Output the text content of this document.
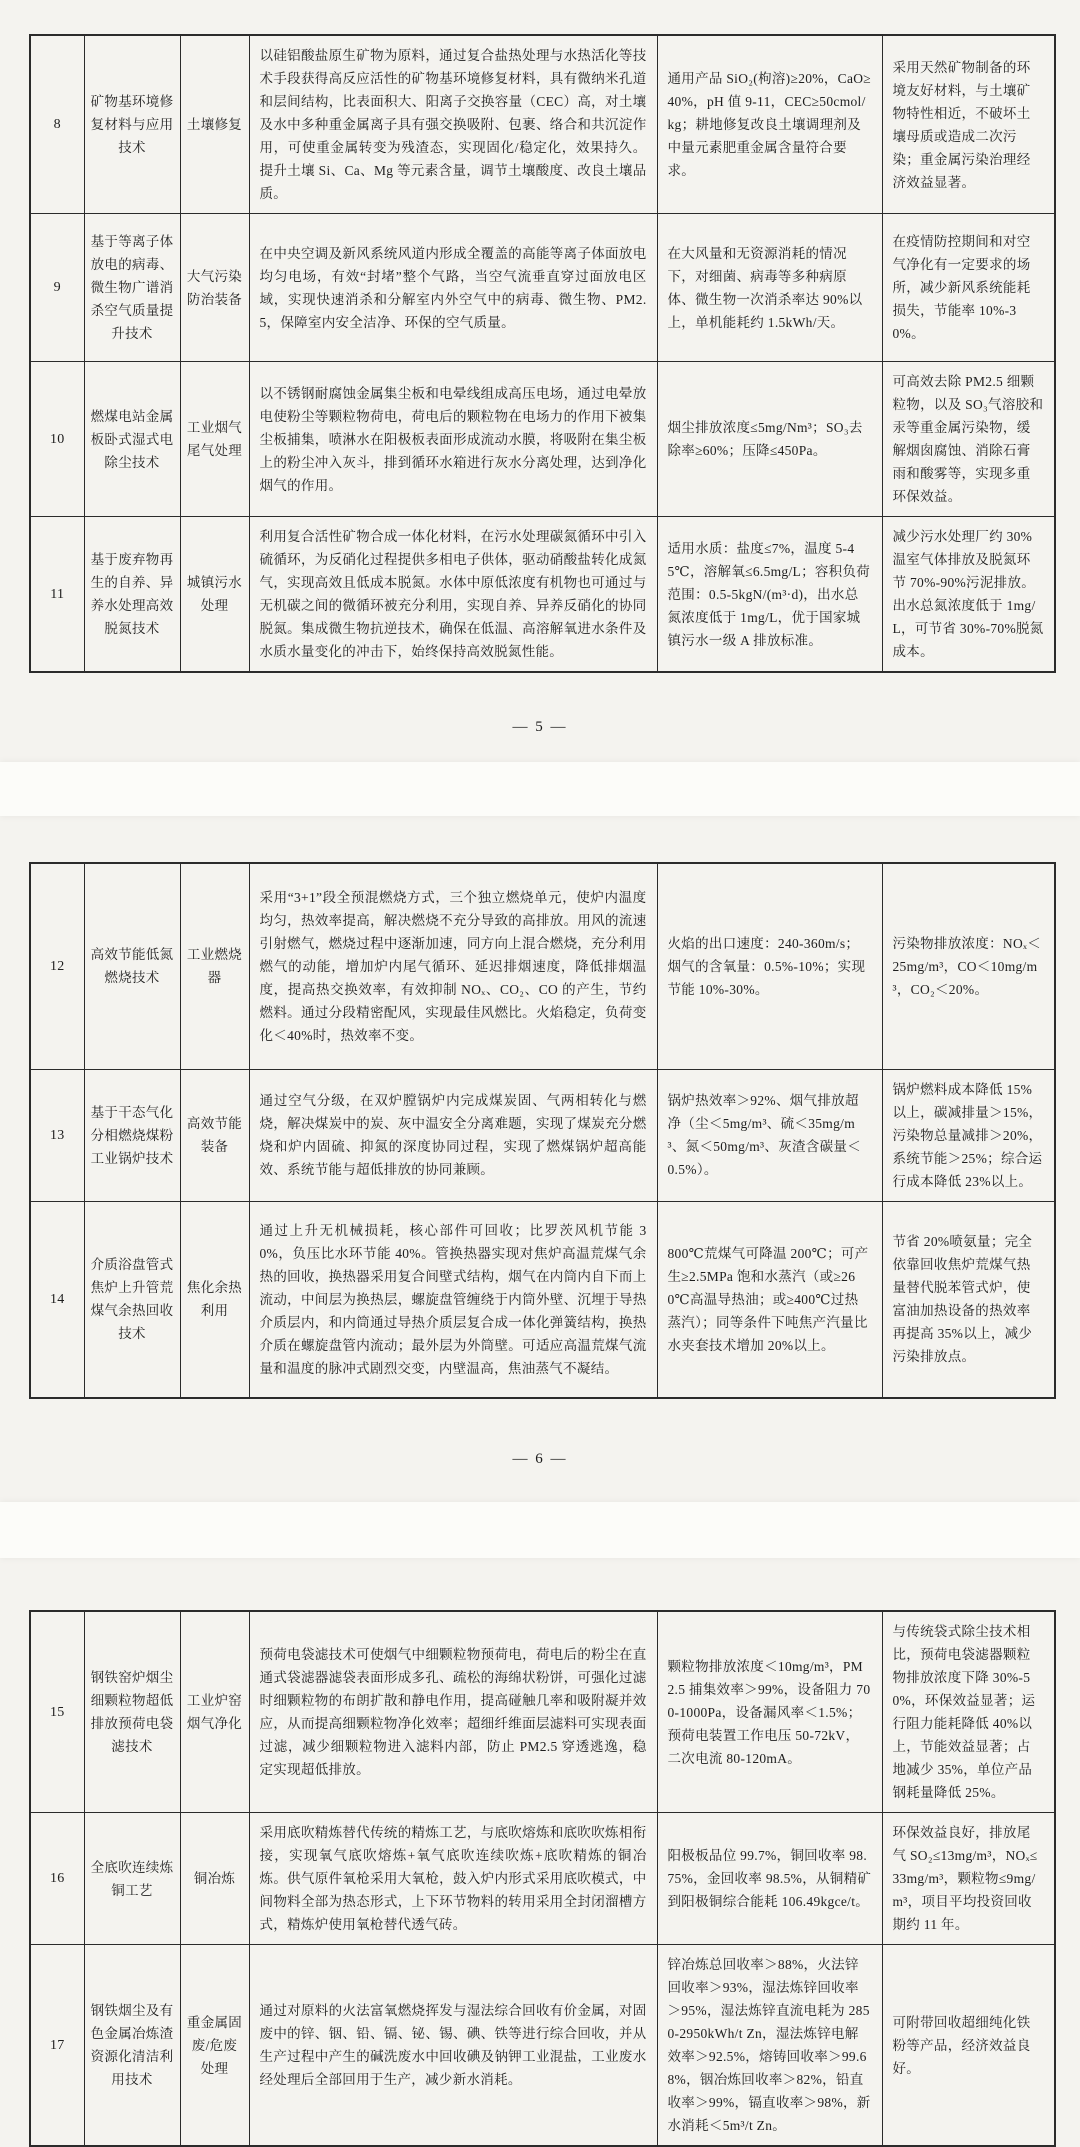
8	矿物基环境修复材料与应用技术	土壤修复	以硅铝酸盐原生矿物为原料，通过复合盐热处理与水热活化等技术手段获得高反应活性的矿物基环境修复材料，具有微纳米孔道和层间结构，比表面积大、阳离子交换容量（CEC）高，对土壤及水中多种重金属离子具有强交换吸附、包裹、络合和共沉淀作用，可使重金属转变为残渣态，实现固化/稳定化，效果持久。提升土壤 Si、Ca、Mg 等元素含量，调节土壤酸度、改良土壤品质。	通用产品 SiO₂(枸溶)≥20%，CaO≥40%，pH 值 9-11，CEC≥50cmol/kg；耕地修复改良土壤调理剂及中量元素肥重金属含量符合要求。	采用天然矿物制备的环境友好材料，与土壤矿物特性相近，不破坏土壤母质或造成二次污染；重金属污染治理经济效益显著。
9	基于等离子体放电的病毒、微生物广谱消杀空气质量提升技术	大气污染防治装备	在中央空调及新风系统风道内形成全覆盖的高能等离子体面放电均匀电场，有效“封堵”整个气路，当空气流垂直穿过面放电区域，实现快速消杀和分解室内外空气中的病毒、微生物、PM2.5，保障室内安全洁净、环保的空气质量。	在大风量和无资源消耗的情况下，对细菌、病毒等多种病原体、微生物一次消杀率达 90%以上，单机能耗约 1.5kWh/天。	在疫情防控期间和对空气净化有一定要求的场所，减少新风系统能耗损失，节能率 10%-30%。
10	燃煤电站金属板卧式湿式电除尘技术	工业烟气尾气处理	以不锈钢耐腐蚀金属集尘板和电晕线组成高压电场，通过电晕放电使粉尘等颗粒物荷电，荷电后的颗粒物在电场力的作用下被集尘板捕集，喷淋水在阳极板表面形成流动水膜，将吸附在集尘板上的粉尘冲入灰斗，排到循环水箱进行灰水分离处理，达到净化烟气的作用。	烟尘排放浓度≤5mg/Nm³；SO₃去除率≥60%；压降≤450Pa。	可高效去除 PM2.5 细颗粒物，以及 SO₃气溶胶和汞等重金属污染物，缓解烟囱腐蚀、消除石膏雨和酸雾等，实现多重环保效益。
11	基于废弃物再生的自养、异养水处理高效脱氮技术	城镇污水处理	利用复合活性矿物合成一体化材料，在污水处理碳氮循环中引入硫循环，为反硝化过程提供多相电子供体，驱动硝酸盐转化成氮气，实现高效且低成本脱氮。水体中原低浓度有机物也可通过与无机碳之间的微循环被充分利用，实现自养、异养反硝化的协同脱氮。集成微生物抗逆技术，确保在低温、高溶解氧进水条件及水质水量变化的冲击下，始终保持高效脱氮性能。	适用水质：盐度≤7%，温度 5-45℃，溶解氧≤6.5mg/L；容积负荷范围：0.5-5kgN/(m³·d)，出水总氮浓度低于 1mg/L，优于国家城镇污水一级 A 排放标准。	减少污水处理厂约 30%温室气体排放及脱氮环节 70%-90%污泥排放。出水总氮浓度低于 1mg/L，可节省 30%-70%脱氮成本。
— 5 —
12	高效节能低氮燃烧技术	工业燃烧器	采用“3+1”段全预混燃烧方式，三个独立燃烧单元，使炉内温度均匀，热效率提高，解决燃烧不充分导致的高排放。用风的流速引射燃气，燃烧过程中逐渐加速，同方向上混合燃烧，充分利用燃气的动能，增加炉内尾气循环、延迟排烟速度，降低排烟温度，提高热交换效率，有效抑制 NOₓ、CO₂、CO 的产生，节约燃料。通过分段精密配风，实现最佳风燃比。火焰稳定，负荷变化＜40%时，热效率不变。	火焰的出口速度：240-360m/s；烟气的含氧量：0.5%-10%；实现节能 10%-30%。	污染物排放浓度：NOₓ＜25mg/m³，CO＜10mg/m³，CO₂＜20%。
13	基于干态气化分相燃烧煤粉工业锅炉技术	高效节能装备	通过空气分级，在双炉膛锅炉内完成煤炭固、气两相转化与燃烧，解决煤炭中的炭、灰中温安全分离难题，实现了煤炭充分燃烧和炉内固硫、抑氮的深度协同过程，实现了燃煤锅炉超高能效、系统节能与超低排放的协同兼顾。	锅炉热效率＞92%、烟气排放超净（尘＜5mg/m³、硫＜35mg/m³、氮＜50mg/m³、灰渣含碳量＜0.5%）。	锅炉燃料成本降低 15%以上，碳减排量＞15%，污染物总量减排＞20%，系统节能＞25%；综合运行成本降低 23%以上。
14	介质浴盘管式焦炉上升管荒煤气余热回收技术	焦化余热利用	通过上升无机械损耗，核心部件可回收；比罗茨风机节能 30%，负压比水环节能 40%。管换热器实现对焦炉高温荒煤气余热的回收，换热器采用复合间壁式结构，烟气在内筒内自下而上流动，中间层为换热层，螺旋盘管缠绕于内筒外壁、沉埋于导热介质层内，和内筒通过导热介质层复合成一体化弹簧结构，换热介质在螺旋盘管内流动；最外层为外筒壁。可适应高温荒煤气流量和温度的脉冲式剧烈交变，内壁温高，焦油蒸气不凝结。	800℃荒煤气可降温 200℃；可产生≥2.5MPa 饱和水蒸汽（或≥260℃高温导热油；或≥400℃过热蒸汽）；同等条件下吨焦产汽量比水夹套技术增加 20%以上。	节省 20%喷氨量；完全依靠回收焦炉荒煤气热量替代脱苯管式炉，使富油加热设备的热效率再提高 35%以上，减少污染排放点。
— 6 —
15	钢铁窑炉烟尘细颗粒物超低排放预荷电袋滤技术	工业炉窑烟气净化	预荷电袋滤技术可使烟气中细颗粒物预荷电，荷电后的粉尘在直通式袋滤器滤袋表面形成多孔、疏松的海绵状粉饼，可强化过滤时细颗粒物的布朗扩散和静电作用，提高碰触几率和吸附凝并效应，从而提高细颗粒物净化效率；超细纤维面层滤料可实现表面过滤，减少细颗粒物进入滤料内部，防止 PM2.5 穿透逃逸，稳定实现超低排放。	颗粒物排放浓度＜10mg/m³，PM2.5 捕集效率＞99%，设备阻力 700-1000Pa，设备漏风率＜1.5%；预荷电装置工作电压 50-72kV，二次电流 80-120mA。	与传统袋式除尘技术相比，预荷电袋滤器颗粒物排放浓度下降 30%-50%，环保效益显著；运行阻力能耗降低 40%以上，节能效益显著；占地减少 35%，单位产品钢耗量降低 25%。
16	全底吹连续炼铜工艺	铜冶炼	采用底吹精炼替代传统的精炼工艺，与底吹熔炼和底吹吹炼相衔接，实现氧气底吹熔炼+氧气底吹连续吹炼+底吹精炼的铜冶炼。供气原件氧枪采用大氧枪，鼓入炉内形式采用底吹模式，中间物料全部为热态形式，上下环节物料的转用采用全封闭溜槽方式，精炼炉使用氧枪替代透气砖。	阳极板品位 99.7%，铜回收率 98.75%，金回收率 98.5%，从铜精矿到阳极铜综合能耗 106.49kgce/t。	环保效益良好，排放尾气 SO₂≤13mg/m³，NOₓ≤33mg/m³，颗粒物≤9mg/m³，项目平均投资回收期约 11 年。
17	钢铁烟尘及有色金属冶炼渣资源化清洁利用技术	重金属固废/危废处理	通过对原料的火法富氧燃烧挥发与湿法综合回收有价金属，对固废中的锌、铟、铅、镉、铋、锡、碘、铁等进行综合回收，并从生产过程中产生的碱洗废水中回收碘及钠钾工业混盐，工业废水经处理后全部回用于生产，减少新水消耗。	锌冶炼总回收率＞88%，火法锌回收率＞93%，湿法炼锌回收率＞95%，湿法炼锌直流电耗为 2850-2950kWh/t Zn，湿法炼锌电解效率＞92.5%，熔铸回收率＞99.68%，铟冶炼回收率＞82%，铅直收率＞99%，镉直收率＞98%，新水消耗＜5m³/t Zn。	可附带回收超细纯化铁粉等产品，经济效益良好。
